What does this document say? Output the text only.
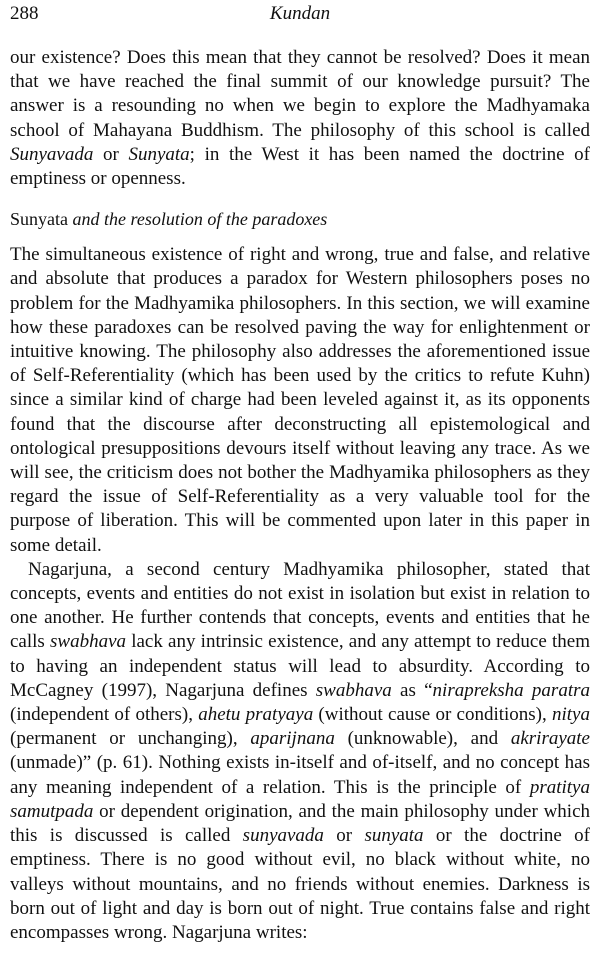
288	Kundan

our existence? Does this mean that they cannot be resolved? Does it mean that we have reached the final summit of our knowledge pursuit? The answer is a resounding no when we begin to explore the Madhyamaka school of Mahayana Buddhism. The philosophy of this school is called Sunyavada or Sunyata; in the West it has been named the doctrine of emptiness or openness.

Sunyata and the resolution of the paradoxes

The simultaneous existence of right and wrong, true and false, and relative and absolute that produces a paradox for Western philosophers poses no problem for the Madhyamika philosophers. In this section, we will examine how these paradoxes can be resolved paving the way for enlightenment or intuitive knowing. The philosophy also addresses the aforementioned issue of Self-Referentiality (which has been used by the critics to refute Kuhn) since a similar kind of charge had been leveled against it, as its opponents found that the discourse after deconstructing all epistemological and ontological presuppositions devours itself without leaving any trace. As we will see, the criticism does not bother the Madhyamika philosophers as they regard the issue of Self-Referentiality as a very valuable tool for the purpose of liberation. This will be commented upon later in this paper in some detail.

Nagarjuna, a second century Madhyamika philosopher, stated that concepts, events and entities do not exist in isolation but exist in relation to one another. He further contends that concepts, events and entities that he calls swabhava lack any intrinsic existence, and any attempt to reduce them to having an independent status will lead to absurdity. According to McCagney (1997), Nagarjuna defines swabhava as “nirapreksha paratra (independent of others), ahetu pratyaya (without cause or conditions), nitya (permanent or unchanging), aparijnana (unknowable), and akrirayate (unmade)” (p. 61). Nothing exists in-itself and of-itself, and no concept has any meaning independent of a relation. This is the principle of pratitya samutpada or dependent origination, and the main philosophy under which this is discussed is called sunyavada or sunyata or the doctrine of emptiness. There is no good without evil, no black without white, no valleys without mountains, and no friends without enemies. Darkness is born out of light and day is born out of night. True contains false and right encompasses wrong. Nagarjuna writes:
